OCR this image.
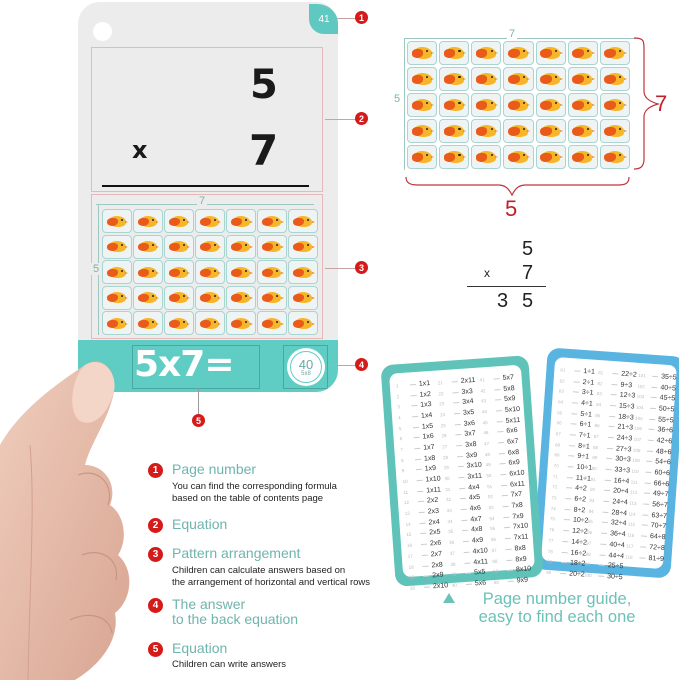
41
5
x 7
7
5
5x7=	40
5x8
1
2
3
4
5
7
5	7
5
5
x 7
3 5
61	1÷1
62	2÷1
63	3÷1
64	4÷1
65	5÷1
66	6÷1
67	7÷1
68	8÷1
69	9÷1
70	10÷1
71	11÷1
72	4÷2
73	6÷2
74	8÷2
75	10÷2
76	12÷2
77	14÷2
78	16÷2
79	18÷2
80	20÷2
81	22÷2
82	9÷3
83	12÷3
84	15÷3
85	18÷3
86	21÷3
87	24÷3
88	27÷3
89	30÷3
90	33÷3
91	16÷4
92	20÷4
93	24÷4
94	28÷4
95	32÷4
96	36÷4
97	40÷4
98	44÷4
99	25÷5
100	30÷5
101	35÷5
102	40÷5
103	45÷5
104	50÷5
105	55÷5
106	36÷6
107	42÷6
108	48÷6
109	54÷6
110	60÷6
111	66÷6
112	49÷7
113	56÷7
114	63÷7
115	70÷7
116	64÷8
117	72÷8
118	81÷9
1	1x1
2	1x2
3	1x3
4	1x4
5	1x5
6	1x6
7	1x7
8	1x8
9	1x9
10	1x10
11	1x11
12	2x2
13	2x3
14	2x4
15	2x5
16	2x6
17	2x7
18	2x8
19	2x9
20	2x10
21	2x11
22	3x3
23	3x4
24	3x5
25	3x6
26	3x7
27	3x8
28	3x9
29	3x10
30	3x11
31	4x4
32	4x5
33	4x6
34	4x7
35	4x8
36	4x9
37	4x10
38	4x11
39	5x5
40	5x6
41	5x7
42	5x8
43	5x9
44	5x10
45	5x11
46	6x6
47	6x7
48	6x8
49	6x9
50	6x10
51	6x11
52	7x7
53	7x8
54	7x9
55	7x10
56	7x11
57	8x8
58	8x9
59	8x10
60	9x9
Page number guide,
easy to find each one
1 Page number
You can find the corresponding formula
based on the table of contents page
2 Equation
3 Pattern arrangement
Children can calculate answers based on
the arrangement of horizontal and vertical rows
4 The answer
to the back equation
5 Equation
Children can write answers
